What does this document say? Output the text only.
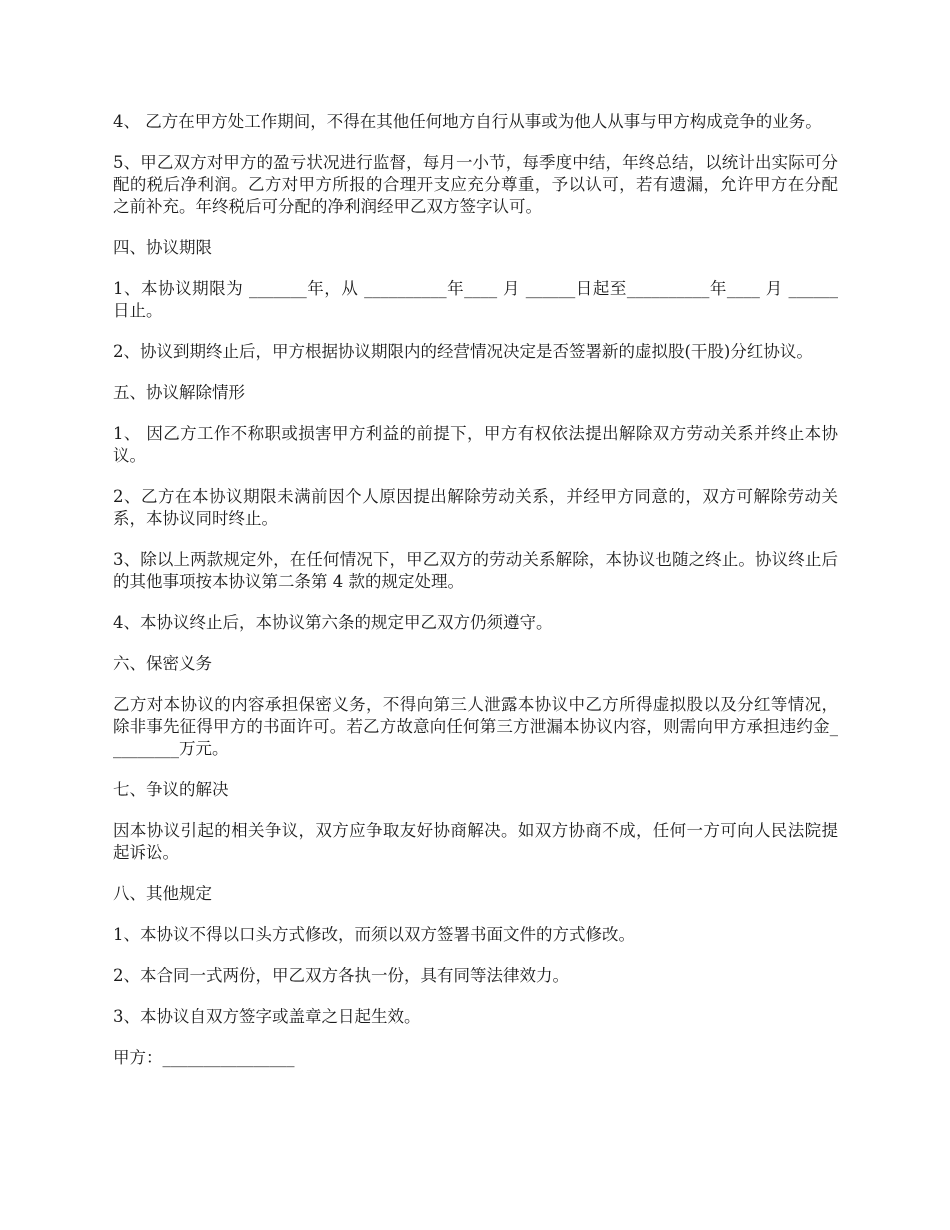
4、 乙方在甲方处工作期间，不得在其他任何地方自行从事或为他人从事与甲方构成竞争的业务。

5、甲乙双方对甲方的盈亏状况进行监督，每月一小节，每季度中结，年终总结，以统计出实际可分配的税后净利润。乙方对甲方所报的合理开支应充分尊重，予以认可，若有遗漏，允许甲方在分配之前补充。年终税后可分配的净利润经甲乙双方签字认可。

四、协议期限

1、本协议期限为 _______年，从 __________年____ 月 ______日起至__________年____ 月 ______日止。

2、协议到期终止后，甲方根据协议期限内的经营情况决定是否签署新的虚拟股(干股)分红协议。

五、协议解除情形

1、 因乙方工作不称职或损害甲方利益的前提下，甲方有权依法提出解除双方劳动关系并终止本协议。

2、乙方在本协议期限未满前因个人原因提出解除劳动关系，并经甲方同意的，双方可解除劳动关系，本协议同时终止。

3、除以上两款规定外，在任何情况下，甲乙双方的劳动关系解除，本协议也随之终止。协议终止后的其他事项按本协议第二条第 4 款的规定处理。

4、本协议终止后，本协议第六条的规定甲乙双方仍须遵守。

六、保密义务

乙方对本协议的内容承担保密义务，不得向第三人泄露本协议中乙方所得虚拟股以及分红等情况，除非事先征得甲方的书面许可。若乙方故意向任何第三方泄漏本协议内容，则需向甲方承担违约金_________万元。

七、争议的解决

因本协议引起的相关争议，双方应争取友好协商解决。如双方协商不成，任何一方可向人民法院提起诉讼。

八、其他规定

1、本协议不得以口头方式修改，而须以双方签署书面文件的方式修改。

2、本合同一式两份，甲乙双方各执一份，具有同等法律效力。

3、本协议自双方签字或盖章之日起生效。

甲方：________________
